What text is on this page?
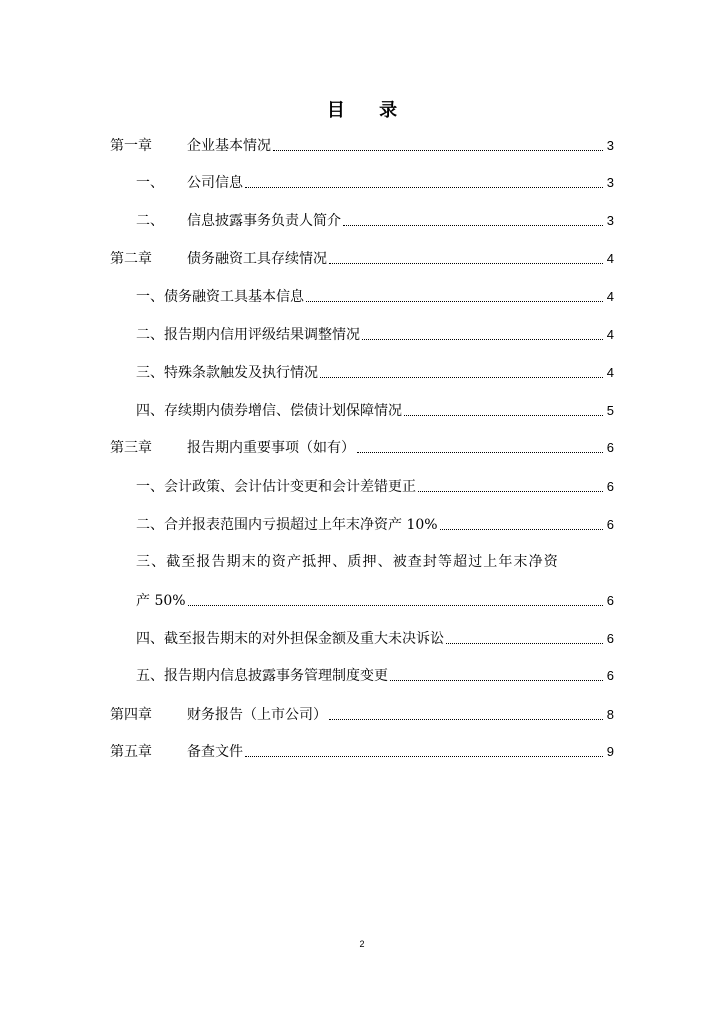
目 录
第一章	企业基本情况	3
一、	公司信息	3
二、	信息披露事务负责人简介	3
第二章	债务融资工具存续情况	4
一、债务融资工具基本信息	4
二、报告期内信用评级结果调整情况	4
三、特殊条款触发及执行情况	4
四、存续期内债券增信、偿债计划保障情况	5
第三章	报告期内重要事项（如有）	6
一、会计政策、会计估计变更和会计差错更正	6
二、合并报表范围内亏损超过上年末净资产 10%	6
三、截至报告期末的资产抵押、质押、被查封等超过上年末净资
产 50%	6
四、截至报告期末的对外担保金额及重大未决诉讼	6
五、报告期内信息披露事务管理制度变更	6
第四章	财务报告（上市公司）	8
第五章	备查文件	9
2
